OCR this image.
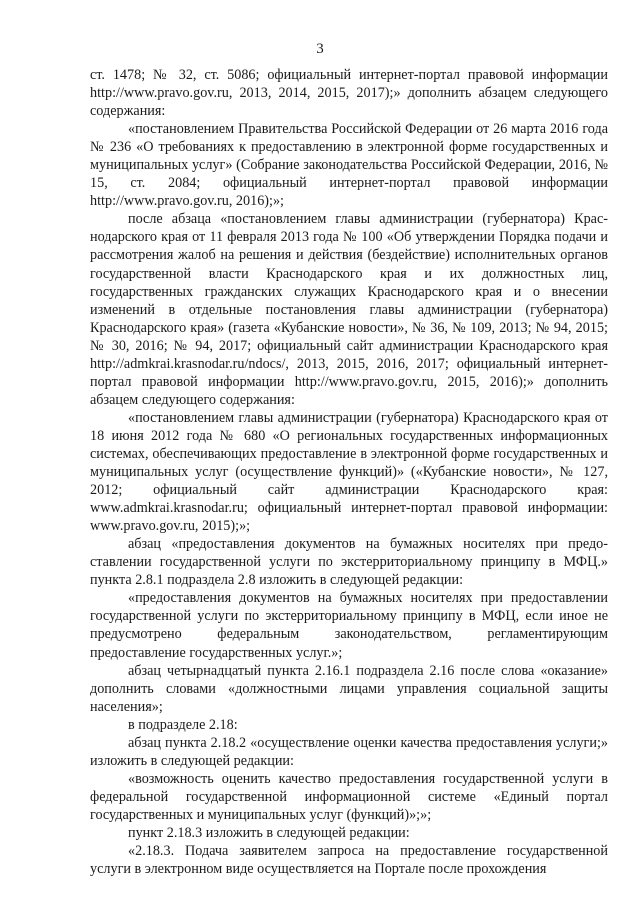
3

ст. 1478; № 32, ст. 5086; официальный интернет-портал правовой информации http://www.pravo.gov.ru, 2013, 2014, 2015, 2017);» дополнить абзацем следующего содержания:

«постановлением Правительства Российской Федерации от 26 марта 2016 года № 236 «О требованиях к предоставлению в электронной форме государственных и муниципальных услуг» (Собрание законодательства Российской Федерации, 2016, № 15, ст. 2084; официальный интернет-портал правовой информации http://www.pravo.gov.ru, 2016);»;

после абзаца «постановлением главы администрации (губернатора) Краснодарского края от 11 февраля 2013 года № 100 «Об утверждении Порядка подачи и рассмотрения жалоб на решения и действия (бездействие) исполнительных органов государственной власти Краснодарского края и их должностных лиц, государственных гражданских служащих Краснодарского края и о внесении изменений в отдельные постановления главы администрации (губернатора) Краснодарского края» (газета «Кубанские новости», № 36, № 109, 2013; № 94, 2015; № 30, 2016; № 94, 2017; официальный сайт администрации Краснодарского края http://admkrai.krasnodar.ru/ndocs/, 2013, 2015, 2016, 2017; официальный интернет-портал правовой информации http://www.pravo.gov.ru, 2015, 2016);» дополнить абзацем следующего содержания:

«постановлением главы администрации (губернатора) Краснодарского края от 18 июня 2012 года № 680 «О региональных государственных информационных системах, обеспечивающих предоставление в электронной форме государственных и муниципальных услуг (осуществление функций)» («Кубанские новости», № 127, 2012; официальный сайт администрации Краснодарского края: www.admkrai.krasnodar.ru; официальный интернет-портал правовой информации: www.pravo.gov.ru, 2015);»;

абзац «предоставления документов на бумажных носителях при предоставлении государственной услуги по экстерриториальному принципу в МФЦ.» пункта 2.8.1 подраздела 2.8 изложить в следующей редакции:

«предоставления документов на бумажных носителях при предоставлении государственной услуги по экстерриториальному принципу в МФЦ, если иное не предусмотрено федеральным законодательством, регламентирующим предоставление государственных услуг.»;

абзац четырнадцатый пункта 2.16.1 подраздела 2.16 после слова «оказание» дополнить словами «должностными лицами управления социальной защиты населения»;

в подразделе 2.18:

абзац пункта 2.18.2 «осуществление оценки качества предоставления услуги;» изложить в следующей редакции:

«возможность оценить качество предоставления государственной услуги в федеральной государственной информационной системе «Единый портал государственных и муниципальных услуг (функций)»;»;

пункт 2.18.3 изложить в следующей редакции:

«2.18.3. Подача заявителем запроса на предоставление государственной услуги в электронном виде осуществляется на Портале после прохождения
